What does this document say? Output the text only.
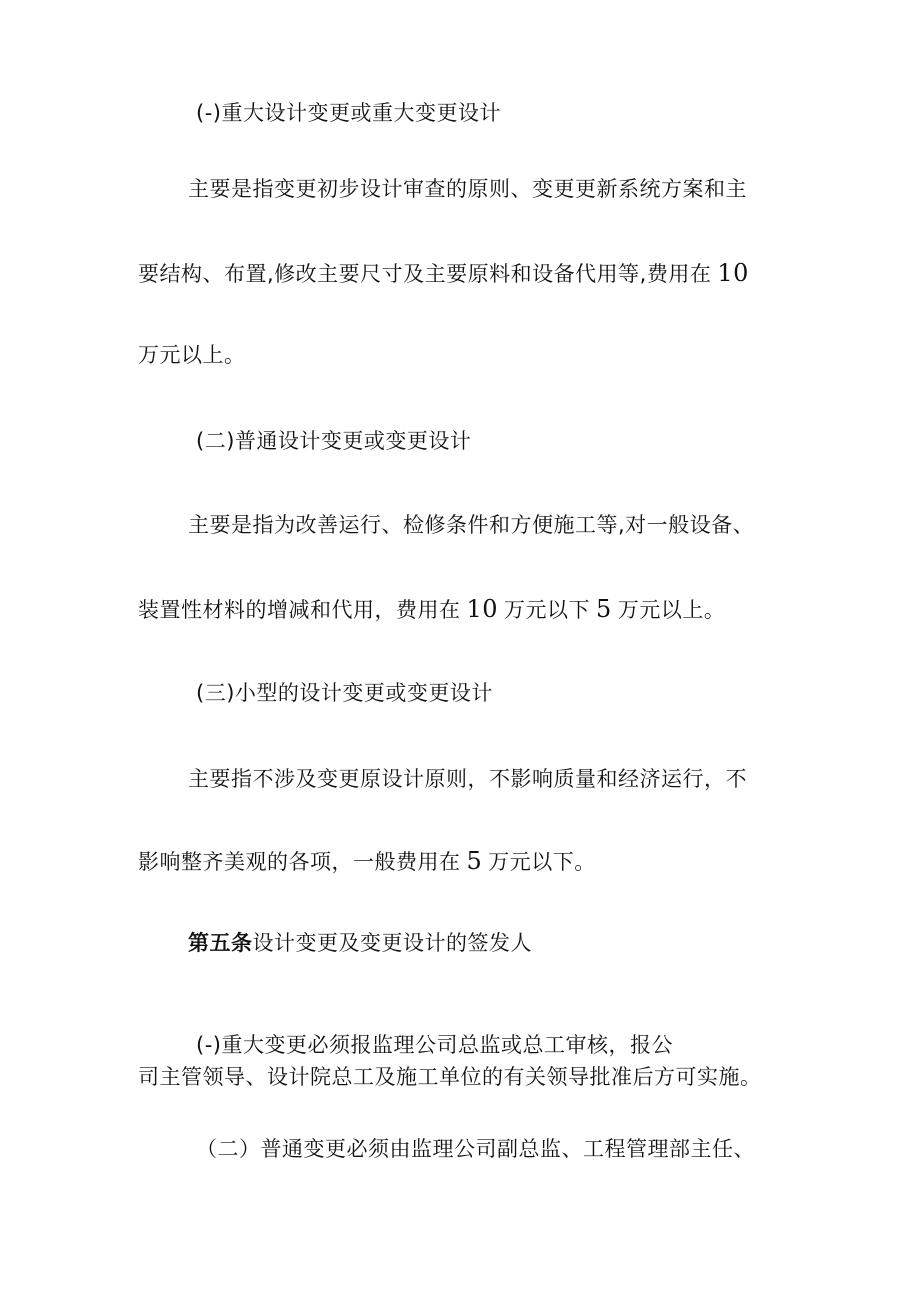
(-)重大设计变更或重大变更设计
主要是指变更初步设计审查的原则、变更更新系统方案和主
要结构、布置,修改主要尺寸及主要原料和设备代用等,费用在 10
万元以上。
(二)普通设计变更或变更设计
主要是指为改善运行、检修条件和方便施工等,对一般设备、
装置性材料的增减和代用，费用在 10 万元以下 5 万元以上。
(三)小型的设计变更或变更设计
主要指不涉及变更原设计原则，不影响质量和经济运行，不
影响整齐美观的各项，一般费用在 5 万元以下。
第五条设计变更及变更设计的签发人
(-)重大变更必须报监理公司总监或总工审核，报公
司主管领导、设计院总工及施工单位的有关领导批准后方可实施。
（二）普通变更必须由监理公司副总监、工程管理部主任、
